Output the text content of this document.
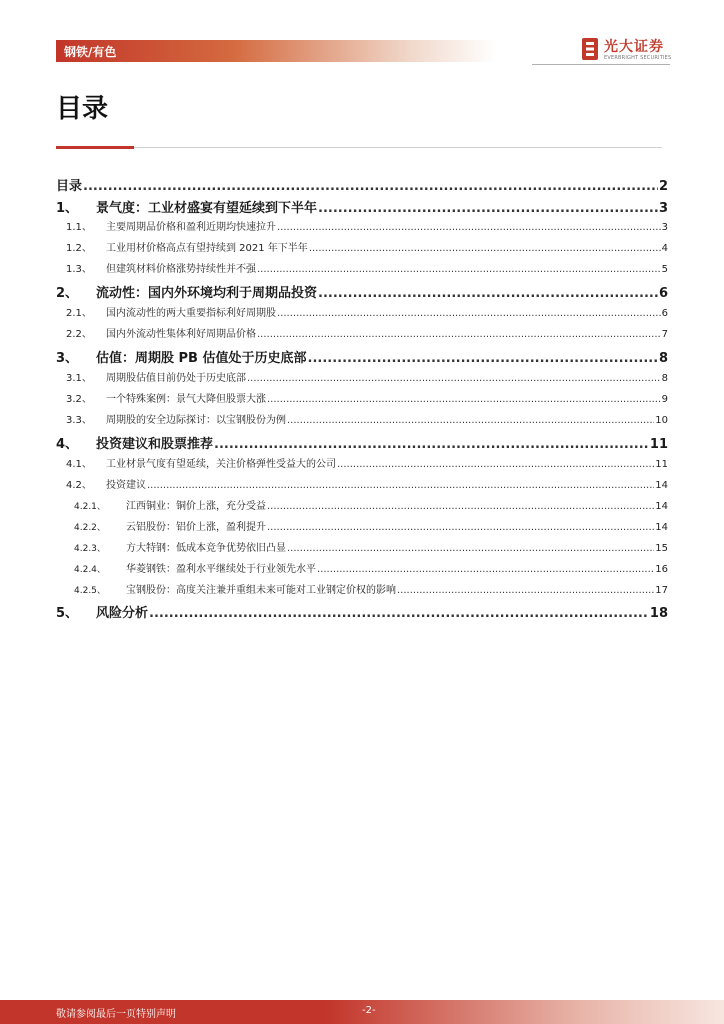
钢铁/有色	光大证券
EVERBRIGHT SECURITIES
目录
目录 .....	2
1、	景气度：工业材盛宴有望延续到下半年 .....	3
1.1、	主要周期品价格和盈利近期均快速拉升 .....	3
1.2、	工业用材价格高点有望持续到 2021 年下半年 .....	4
1.3、	但建筑材料价格涨势持续性并不强 .....	5
2、	流动性：国内外环境均利于周期品投资 .....	6
2.1、	国内流动性的两大重要指标利好周期股 .....	6
2.2、	国内外流动性集体利好周期品价格 .....	7
3、	估值：周期股 PB 估值处于历史底部 .....	8
3.1、	周期股估值目前仍处于历史底部 .....	8
3.2、	一个特殊案例：景气大降但股票大涨 .....	9
3.3、	周期股的安全边际探讨：以宝钢股份为例 .....	10
4、	投资建议和股票推荐 .....	11
4.1、	工业材景气度有望延续，关注价格弹性受益大的公司 .....	11
4.2、	投资建议 .....	14
4.2.1、	江西铜业：铜价上涨，充分受益 .....	14
4.2.2、	云铝股份：铝价上涨，盈利提升 .....	14
4.2.3、	方大特钢：低成本竞争优势依旧凸显 .....	15
4.2.4、	华菱钢铁：盈利水平继续处于行业领先水平 .....	16
4.2.5、	宝钢股份：高度关注兼并重组未来可能对工业钢定价权的影响 .....	17
5、	风险分析 .....	18
敬请参阅最后一页特别声明	-2-
